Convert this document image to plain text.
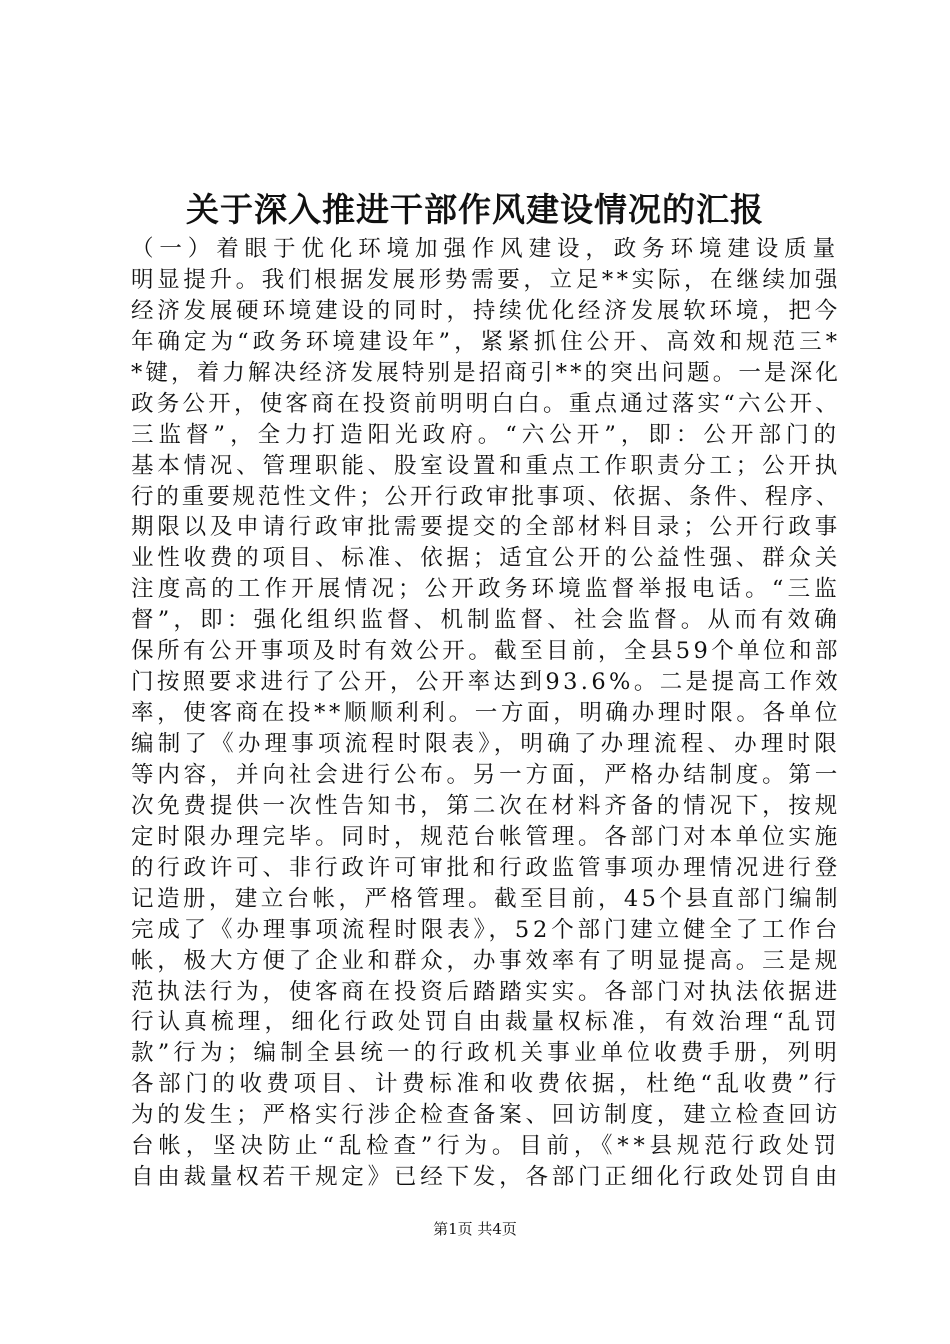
关于深入推进干部作风建设情况的汇报
（一）着眼于优化环境加强作风建设，政务环境建设质量
明显提升。我们根据发展形势需要，立足**实际，在继续加强
经济发展硬环境建设的同时，持续优化经济发展软环境，把今
年确定为“政务环境建设年”，紧紧抓住公开、高效和规范三*
*键，着力解决经济发展特别是招商引**的突出问题。一是深化
政务公开，使客商在投资前明明白白。重点通过落实“六公开、
三监督”，全力打造阳光政府。“六公开”，即：公开部门的
基本情况、管理职能、股室设置和重点工作职责分工；公开执
行的重要规范性文件；公开行政审批事项、依据、条件、程序、
期限以及申请行政审批需要提交的全部材料目录；公开行政事
业性收费的项目、标准、依据；适宜公开的公益性强、群众关
注度高的工作开展情况；公开政务环境监督举报电话。“三监
督”，即：强化组织监督、机制监督、社会监督。从而有效确
保所有公开事项及时有效公开。截至目前，全县59个单位和部
门按照要求进行了公开，公开率达到93.6%。二是提高工作效
率，使客商在投**顺顺利利。一方面，明确办理时限。各单位
编制了《办理事项流程时限表》，明确了办理流程、办理时限
等内容，并向社会进行公布。另一方面，严格办结制度。第一
次免费提供一次性告知书，第二次在材料齐备的情况下，按规
定时限办理完毕。同时，规范台帐管理。各部门对本单位实施
的行政许可、非行政许可审批和行政监管事项办理情况进行登
记造册，建立台帐，严格管理。截至目前，45个县直部门编制
完成了《办理事项流程时限表》，52个部门建立健全了工作台
帐，极大方便了企业和群众，办事效率有了明显提高。三是规
范执法行为，使客商在投资后踏踏实实。各部门对执法依据进
行认真梳理，细化行政处罚自由裁量权标准，有效治理“乱罚
款”行为；编制全县统一的行政机关事业单位收费手册，列明
各部门的收费项目、计费标准和收费依据，杜绝“乱收费”行
为的发生；严格实行涉企检查备案、回访制度，建立检查回访
台帐，坚决防止“乱检查”行为。目前，《**县规范行政处罚
自由裁量权若干规定》已经下发，各部门正细化行政处罚自由
第1页 共4页
